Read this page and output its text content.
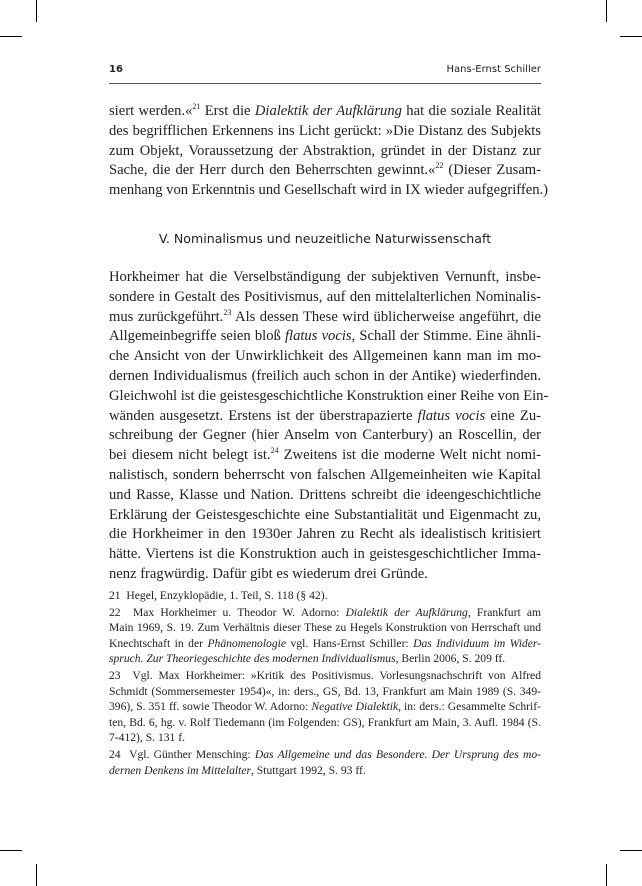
16	Hans-Ernst Schiller
siert werden.«$^{21}$ Erst die Dialektik der Aufklärung hat die soziale Realität
des begrifflichen Erkennens ins Licht gerückt: »Die Distanz des Subjekts
zum Objekt, Voraussetzung der Abstraktion, gründet in der Distanz zur
Sache, die der Herr durch den Beherrschten gewinnt.«$^{22}$ (Dieser Zusam-
menhang von Erkenntnis und Gesellschaft wird in IX wieder aufgegriffen.)
V. Nominalismus und neuzeitliche Naturwissenschaft
Horkheimer hat die Verselbständigung der subjektiven Vernunft, insbe-
sondere in Gestalt des Positivismus, auf den mittelalterlichen Nominalis-
mus zurückgeführt.$^{23}$ Als dessen These wird üblicherweise angeführt, die
Allgemeinbegriffe seien bloß flatus vocis, Schall der Stimme. Eine ähnli-
che Ansicht von der Unwirklichkeit des Allgemeinen kann man im mo-
dernen Individualismus (freilich auch schon in der Antike) wiederfinden.
Gleichwohl ist die geistesgeschichtliche Konstruktion einer Reihe von Ein-
wänden ausgesetzt. Erstens ist der überstrapazierte flatus vocis eine Zu-
schreibung der Gegner (hier Anselm von Canterbury) an Roscellin, der
bei diesem nicht belegt ist.$^{24}$ Zweitens ist die moderne Welt nicht nomi-
nalistisch, sondern beherrscht von falschen Allgemeinheiten wie Kapital
und Rasse, Klasse und Nation. Drittens schreibt die ideengeschichtliche
Erklärung der Geistesgeschichte eine Substantialität und Eigenmacht zu,
die Horkheimer in den 1930er Jahren zu Recht als idealistisch kritisiert
hätte. Viertens ist die Konstruktion auch in geistesgeschichtlicher Imma-
nenz fragwürdig. Dafür gibt es wiederum drei Gründe.
21  Hegel, Enzyklopädie, 1. Teil, S. 118 (§ 42).
22  Max Horkheimer u. Theodor W. Adorno: Dialektik der Aufklärung, Frankfurt am
Main 1969, S. 19. Zum Verhältnis dieser These zu Hegels Konstruktion von Herrschaft und
Knechtschaft in der Phänomenologie vgl. Hans-Ernst Schiller: Das Individuum im Wider-
spruch. Zur Theoriegeschichte des modernen Individualismus, Berlin 2006, S. 209 ff.
23  Vgl. Max Horkheimer: »Kritik des Positivismus. Vorlesungsnachschrift von Alfred
Schmidt (Sommersemester 1954)«, in: ders., GS, Bd. 13, Frankfurt am Main 1989 (S. 349-
396), S. 351 ff. sowie Theodor W. Adorno: Negative Dialektik, in: ders.: Gesammelte Schrif-
ten, Bd. 6, hg. v. Rolf Tiedemann (im Folgenden: GS), Frankfurt am Main, 3. Aufl. 1984 (S.
7-412), S. 131 f.
24  Vgl. Günther Mensching: Das Allgemeine und das Besondere. Der Ursprung des mo-
dernen Denkens im Mittelalter, Stuttgart 1992, S. 93 ff.
